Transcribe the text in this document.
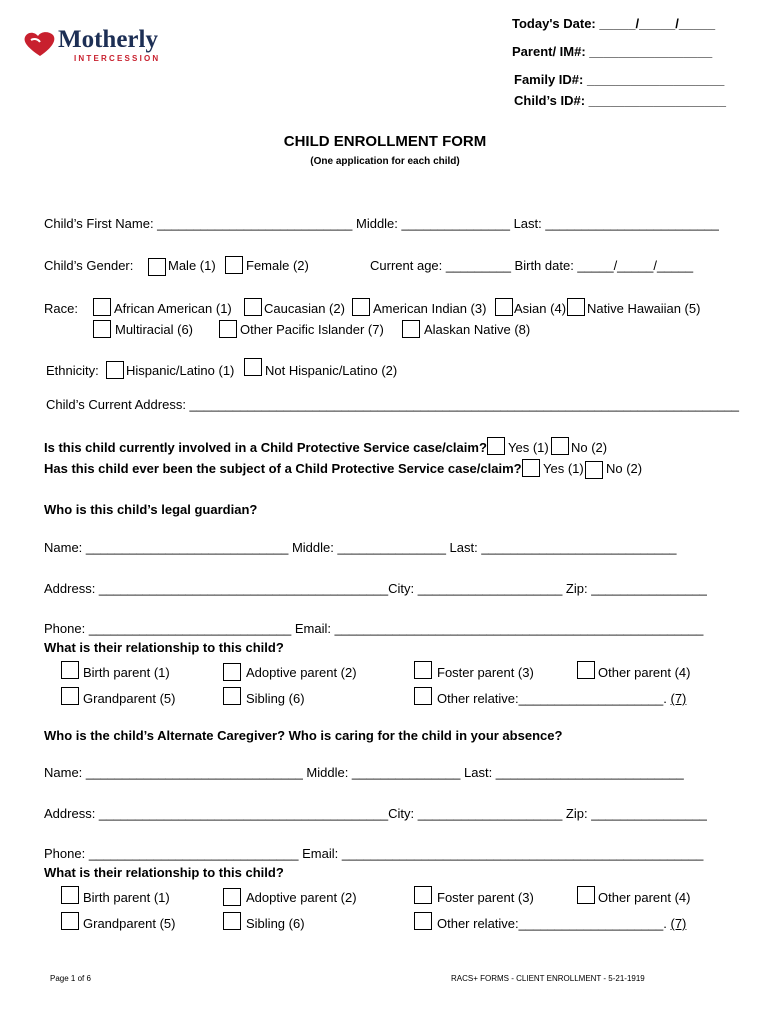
Motherly
INTERCESSION
Today's Date: _____/_____/_____
Parent/ IM#: _________________
Family ID#: ___________________
Child’s ID#: ___________________
CHILD ENROLLMENT FORM
(One application for each child)
Child’s First Name: ___________________________ Middle: _______________ Last: ________________________
Child’s Gender:	Male (1) Female (2)	Current age: _________ Birth date: _____/_____/_____
Race:	African American (1) Caucasian (2) American Indian (3) Asian (4) Native Hawaiian (5)
Multiracial (6)	Other Pacific Islander (7)	Alaskan Native (8)
Ethnicity: Hispanic/Latino (1) Not Hispanic/Latino (2)
Child’s Current Address: ____________________________________________________________________________
Is this child currently involved in a Child Protective Service case/claim? Yes (1) No (2)
Has this child ever been the subject of a Child Protective Service case/claim? Yes (1) No (2)
Who is this child’s legal guardian?
Name: ____________________________ Middle: _______________ Last: ___________________________
Address: ________________________________________City: ____________________ Zip: ________________
Phone: ____________________________ Email: ___________________________________________________
What is their relationship to this child?
Birth parent (1)	Adoptive parent (2)	Foster parent (3)	Other parent (4)
Grandparent (5)	Sibling (6)	Other relative:____________________. (7)
Who is the child’s Alternate Caregiver? Who is caring for the child in your absence?
Name: ______________________________ Middle: _______________ Last: __________________________
Address: ________________________________________City: ____________________ Zip: ________________
Phone: _____________________________ Email: __________________________________________________
What is their relationship to this child?
Birth parent (1)	Adoptive parent (2)	Foster parent (3)	Other parent (4)
Grandparent (5)	Sibling (6)	Other relative:____________________. (7)
Page 1 of 6	RACS+ FORMS - CLIENT ENROLLMENT - 5-21-1919
